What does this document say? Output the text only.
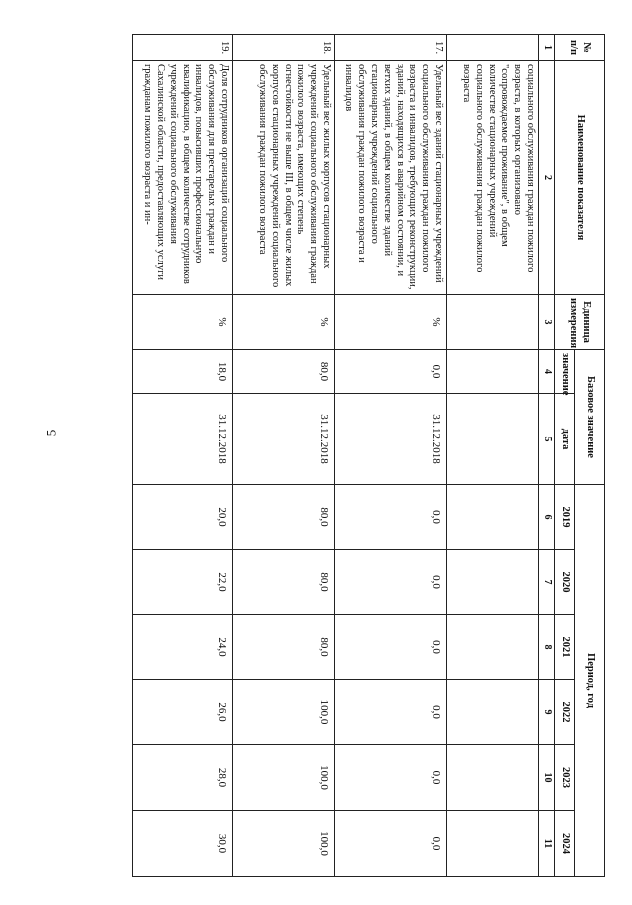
5
№ п/п	Наименование показателя	Единица измерения	Базовое значение		Период, год					
			значение	дата	2019	2020	2021	2022	2023	2024
1	2	3	4	5	6	7	8	9	10	11
	социального обслуживания граждан пожилого возраста, в которых организовано "сопровождаемое проживание", в общем количестве стационарных учреждений социального обслуживания граждан пожилого возраста									
17.	Удельный вес зданий стационарных учреждений социального обслуживания граждан пожилого возраста и инвалидов, требующих реконструкции, зданий, находящихся в аварийном состоянии, и ветхих зданий, в общем количестве зданий стационарных учреждений социального обслуживания граждан пожилого возраста и инвалидов	%	0,0	31.12.2018	0,0	0,0	0,0	0,0	0,0	0,0
18.	Удельный вес жилых корпусов стационарных учреждений социального обслуживания граждан пожилого возраста, имеющих степень огнестойкости не выше III, в общем числе жилых корпусов стационарных учреждений социального обслуживания граждан пожилого возраста	%	80,0	31.12.2018	80,0	80,0	80,0	100,0	100,0	100,0
19.	Доля сотрудников организаций социального обслуживания для престарелых граждан и инвалидов, повысивших профессиональную квалификацию, в общем количестве сотрудников учреждений социального обслуживания Сахалинской области, предоставляющих услуги гражданам пожилого возраста и ин-	%	18,0	31.12.2018	20,0	22,0	24,0	26,0	28,0	30,0
